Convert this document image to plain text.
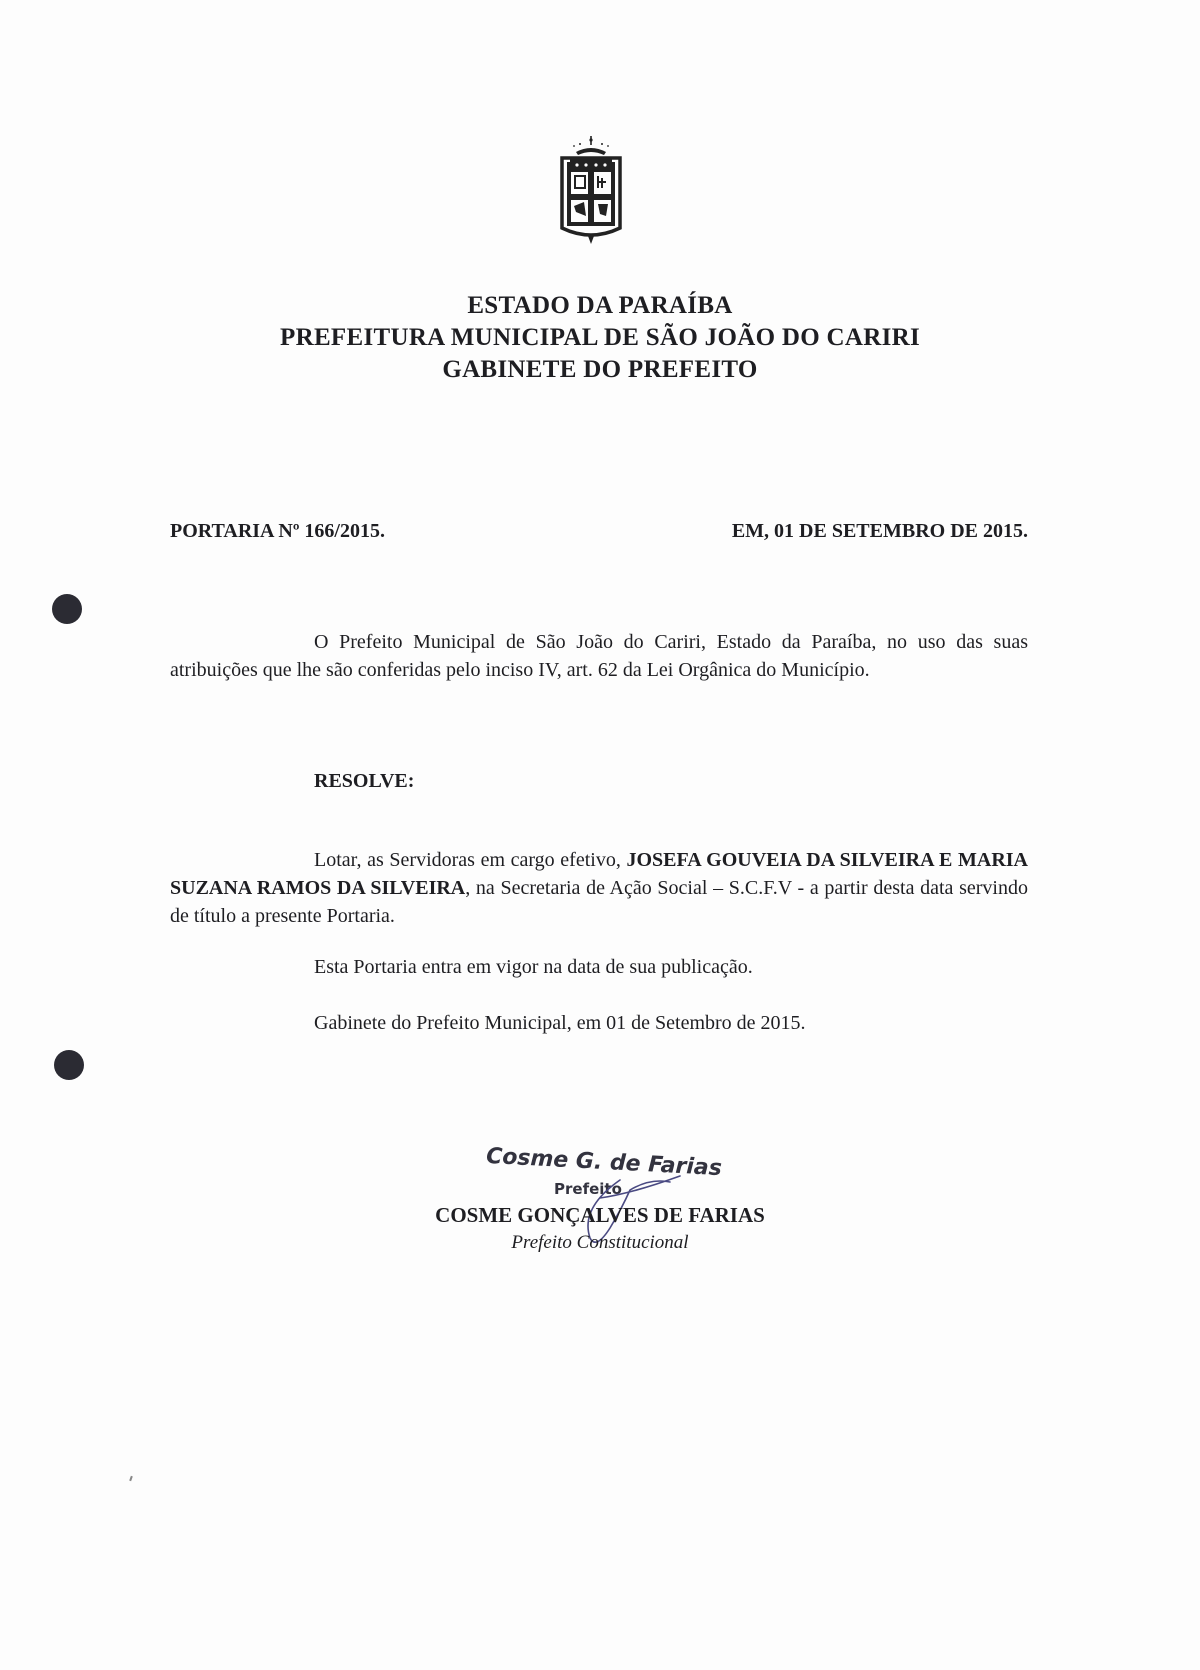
ESTADO DA PARAÍBA
PREFEITURA MUNICIPAL DE SÃO JOÃO DO CARIRI
GABINETE DO PREFEITO
PORTARIA Nº 166/2015.	EM, 01 DE SETEMBRO DE 2015.
O Prefeito Municipal de São João do Cariri, Estado da Paraíba, no uso das suas atribuições que lhe são conferidas pelo inciso IV, art. 62 da Lei Orgânica do Município.
RESOLVE:
Lotar, as Servidoras em cargo efetivo, JOSEFA GOUVEIA DA SILVEIRA E MARIA SUZANA RAMOS DA SILVEIRA, na Secretaria de Ação Social – S.C.F.V - a partir desta data servindo de título a presente Portaria.
Esta Portaria entra em vigor na data de sua publicação.
Gabinete do Prefeito Municipal, em 01 de Setembro de 2015.
Cosme G. de Farias
Prefeito
COSME GONÇALVES DE FARIAS
Prefeito Constitucional
